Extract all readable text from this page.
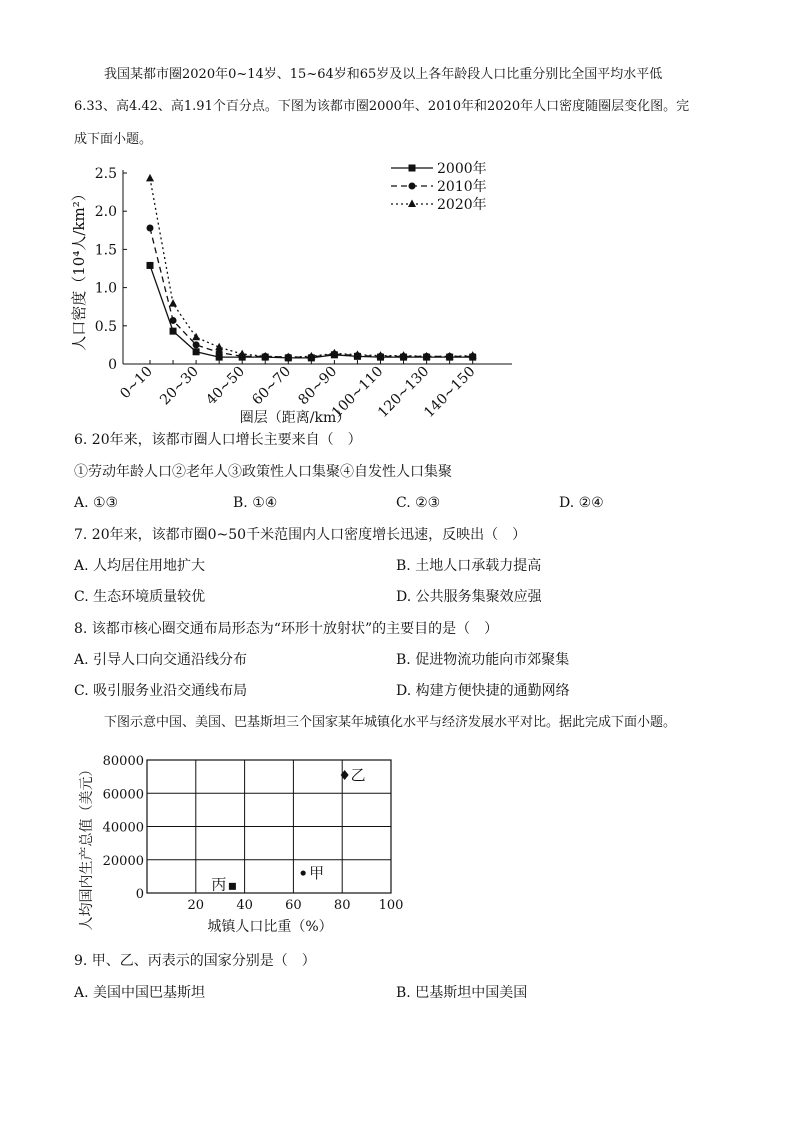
我国某都市圈2020年0~14岁、15~64岁和65岁及以上各年龄段人口比重分别比全国平均水平低
6.33、高4.42、高1.91个百分点。下图为该都市圈2000年、2010年和2020年人口密度随圈层变化图。完
成下面小题。
0
0.5
1.0
1.5
2.0
2.5
0~10 20~30 40~50 60~70 80~90
100~110
120~130
140~150
人口密度（10⁴人/km²）
圈层（距离/km）
2000年
2010年
2020年
6. 20年来，该都市圈人口增长主要来自（　）
①劳动年龄人口②老年人③政策性人口集聚④自发性人口集聚
A. ①③	B. ①④	C. ②③	D. ②④
7. 20年来，该都市圈0~50千米范围内人口密度增长迅速，反映出（　）
A. 人均居住用地扩大	B. 土地人口承载力提高
C. 生态环境质量较优	D. 公共服务集聚效应强
8. 该都市核心圈交通布局形态为“环形十放射状”的主要目的是（　）
A. 引导人口向交通沿线分布	B. 促进物流功能向市郊聚集
C. 吸引服务业沿交通线布局	D. 构建方便快捷的通勤网络
下图示意中国、美国、巴基斯坦三个国家某年城镇化水平与经济发展水平对比。据此完成下面小题。
0
20000
40000
60000
80000
20 40 60 80 100
人均国内生产总值（美元）	城镇人口比重（%）
乙
甲
丙
9. 甲、乙、丙表示的国家分别是（　）
A. 美国中国巴基斯坦	B. 巴基斯坦中国美国
